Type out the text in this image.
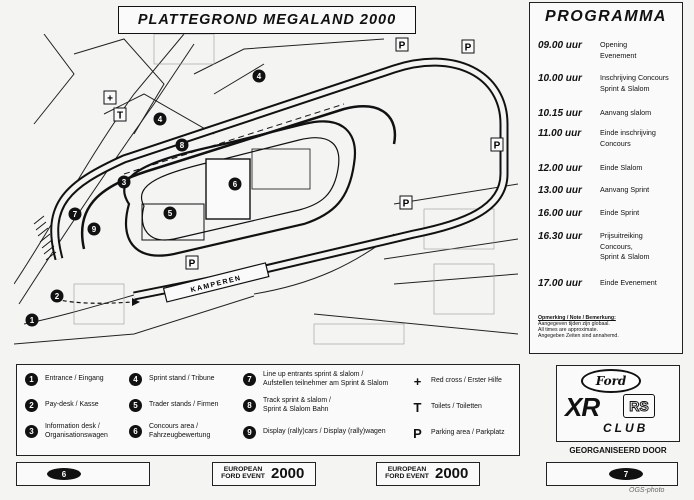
PLATTEGROND MEGALAND 2000
KAMPEREN
1
2
3
4
4
5
6
7
8
9
P	P
P
P
P
+
T
PROGRAMMA
09.00 uur	Opening
Evenement
10.00 uur	Inschrijving Concours
Sprint & Slalom
10.15 uur	Aanvang slalom
11.00 uur	Einde inschrijving
Concours
12.00 uur	Einde Slalom
13.00 uur	Aanvang Sprint
16.00 uur	Einde Sprint
16.30 uur	Prijsuitreiking
Concours,
Sprint & Slalom
17.00 uur	Einde Evenement
Opmerking / Note / Bemerkung:
Aangegeven tijden zijn globaal.
All times are approximate.
Angegeben Zeiten sind annahemd.
1	Entrance / Eingang
2	Pay-desk / Kasse
3
Information desk /
Organisationswagen
4	Sprint stand / Tribune
5	Trader stands / Firmen
6
Concours area /
Fahrzeugbewertung
7
Line up entrants sprint & slalom /
Aufstellen teilnehmer am Sprint & Slalom
8
Track sprint & slalom /
Sprint & Slalom Bahn
9	Display (rally)cars / Display (rally)wagen
+	Red cross / Erster Hilfe
T	Toilets / Toiletten
P	Parking area / Parkplatz
Ford
XR	RS
CLUB
GEORGANISEERD DOOR
6	EUROPEAN
FORD EVENT 2000	EUROPEAN
FORD EVENT 2000	7
OGS-photo
